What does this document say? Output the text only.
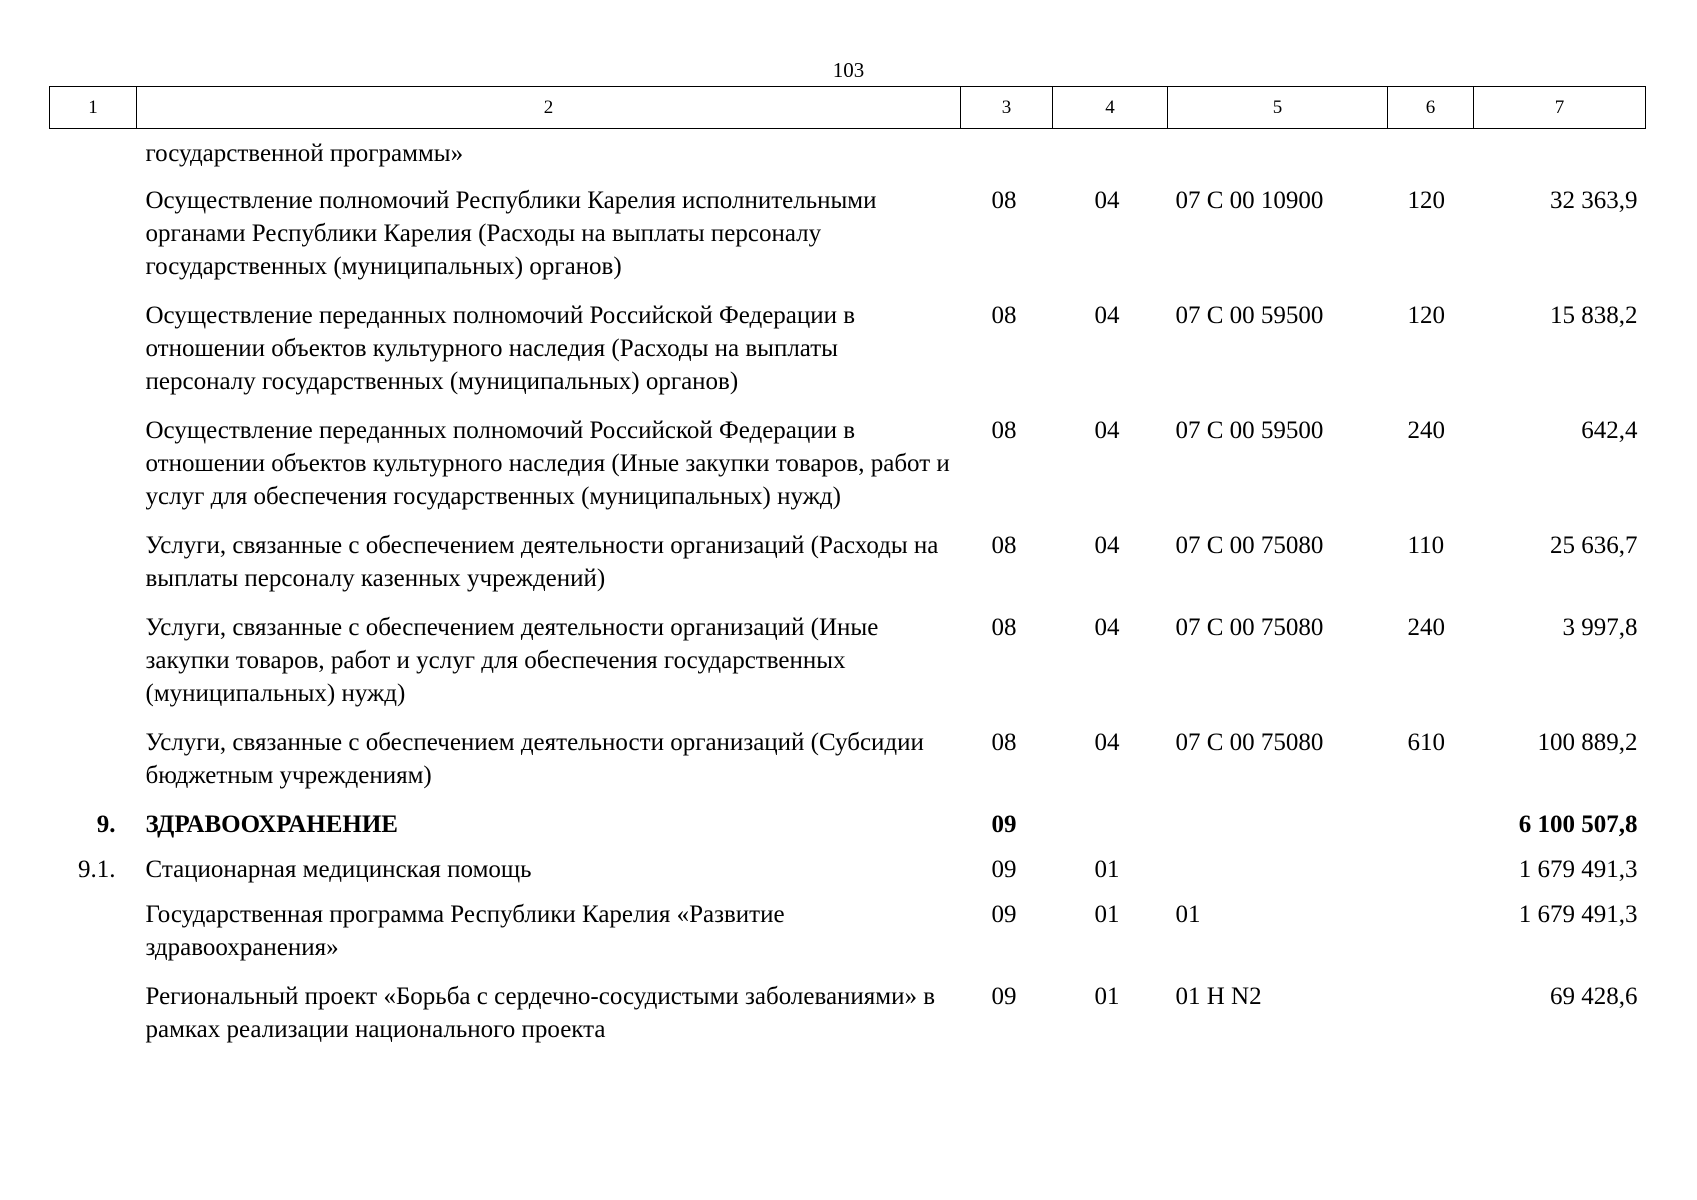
103
1	2	3	4	5	6	7
	государственной программы»					
	Осуществление полномочий Республики Карелия исполнительными органами Республики Карелия (Расходы на выплаты персоналу государственных (муниципальных) органов)	08	04	07 С 00 10900	120	32 363,9
	Осуществление переданных полномочий Российской Федерации в отношении объектов культурного наследия (Расходы на выплаты персоналу государственных (муниципальных) органов)	08	04	07 С 00 59500	120	15 838,2
	Осуществление переданных полномочий Российской Федерации в отношении объектов культурного наследия (Иные закупки товаров, работ и услуг для обеспечения государственных (муниципальных) нужд)	08	04	07 С 00 59500	240	642,4
	Услуги, связанные с обеспечением деятельности организаций (Расходы на выплаты персоналу казенных учреждений)	08	04	07 С 00 75080	110	25 636,7
	Услуги, связанные с обеспечением деятельности организаций (Иные закупки товаров, работ и услуг для обеспечения государственных (муниципальных) нужд)	08	04	07 С 00 75080	240	3 997,8
	Услуги, связанные с обеспечением деятельности организаций (Субсидии бюджетным учреждениям)	08	04	07 С 00 75080	610	100 889,2
9.	ЗДРАВООХРАНЕНИЕ	09				6 100 507,8
9.1.	Стационарная медицинская помощь	09	01			1 679 491,3
	Государственная программа Республики Карелия «Развитие здравоохранения»	09	01	01		1 679 491,3
	Региональный проект «Борьба с сердечно-сосудистыми заболеваниями» в рамках реализации национального проекта	09	01	01 Н N2		69 428,6
